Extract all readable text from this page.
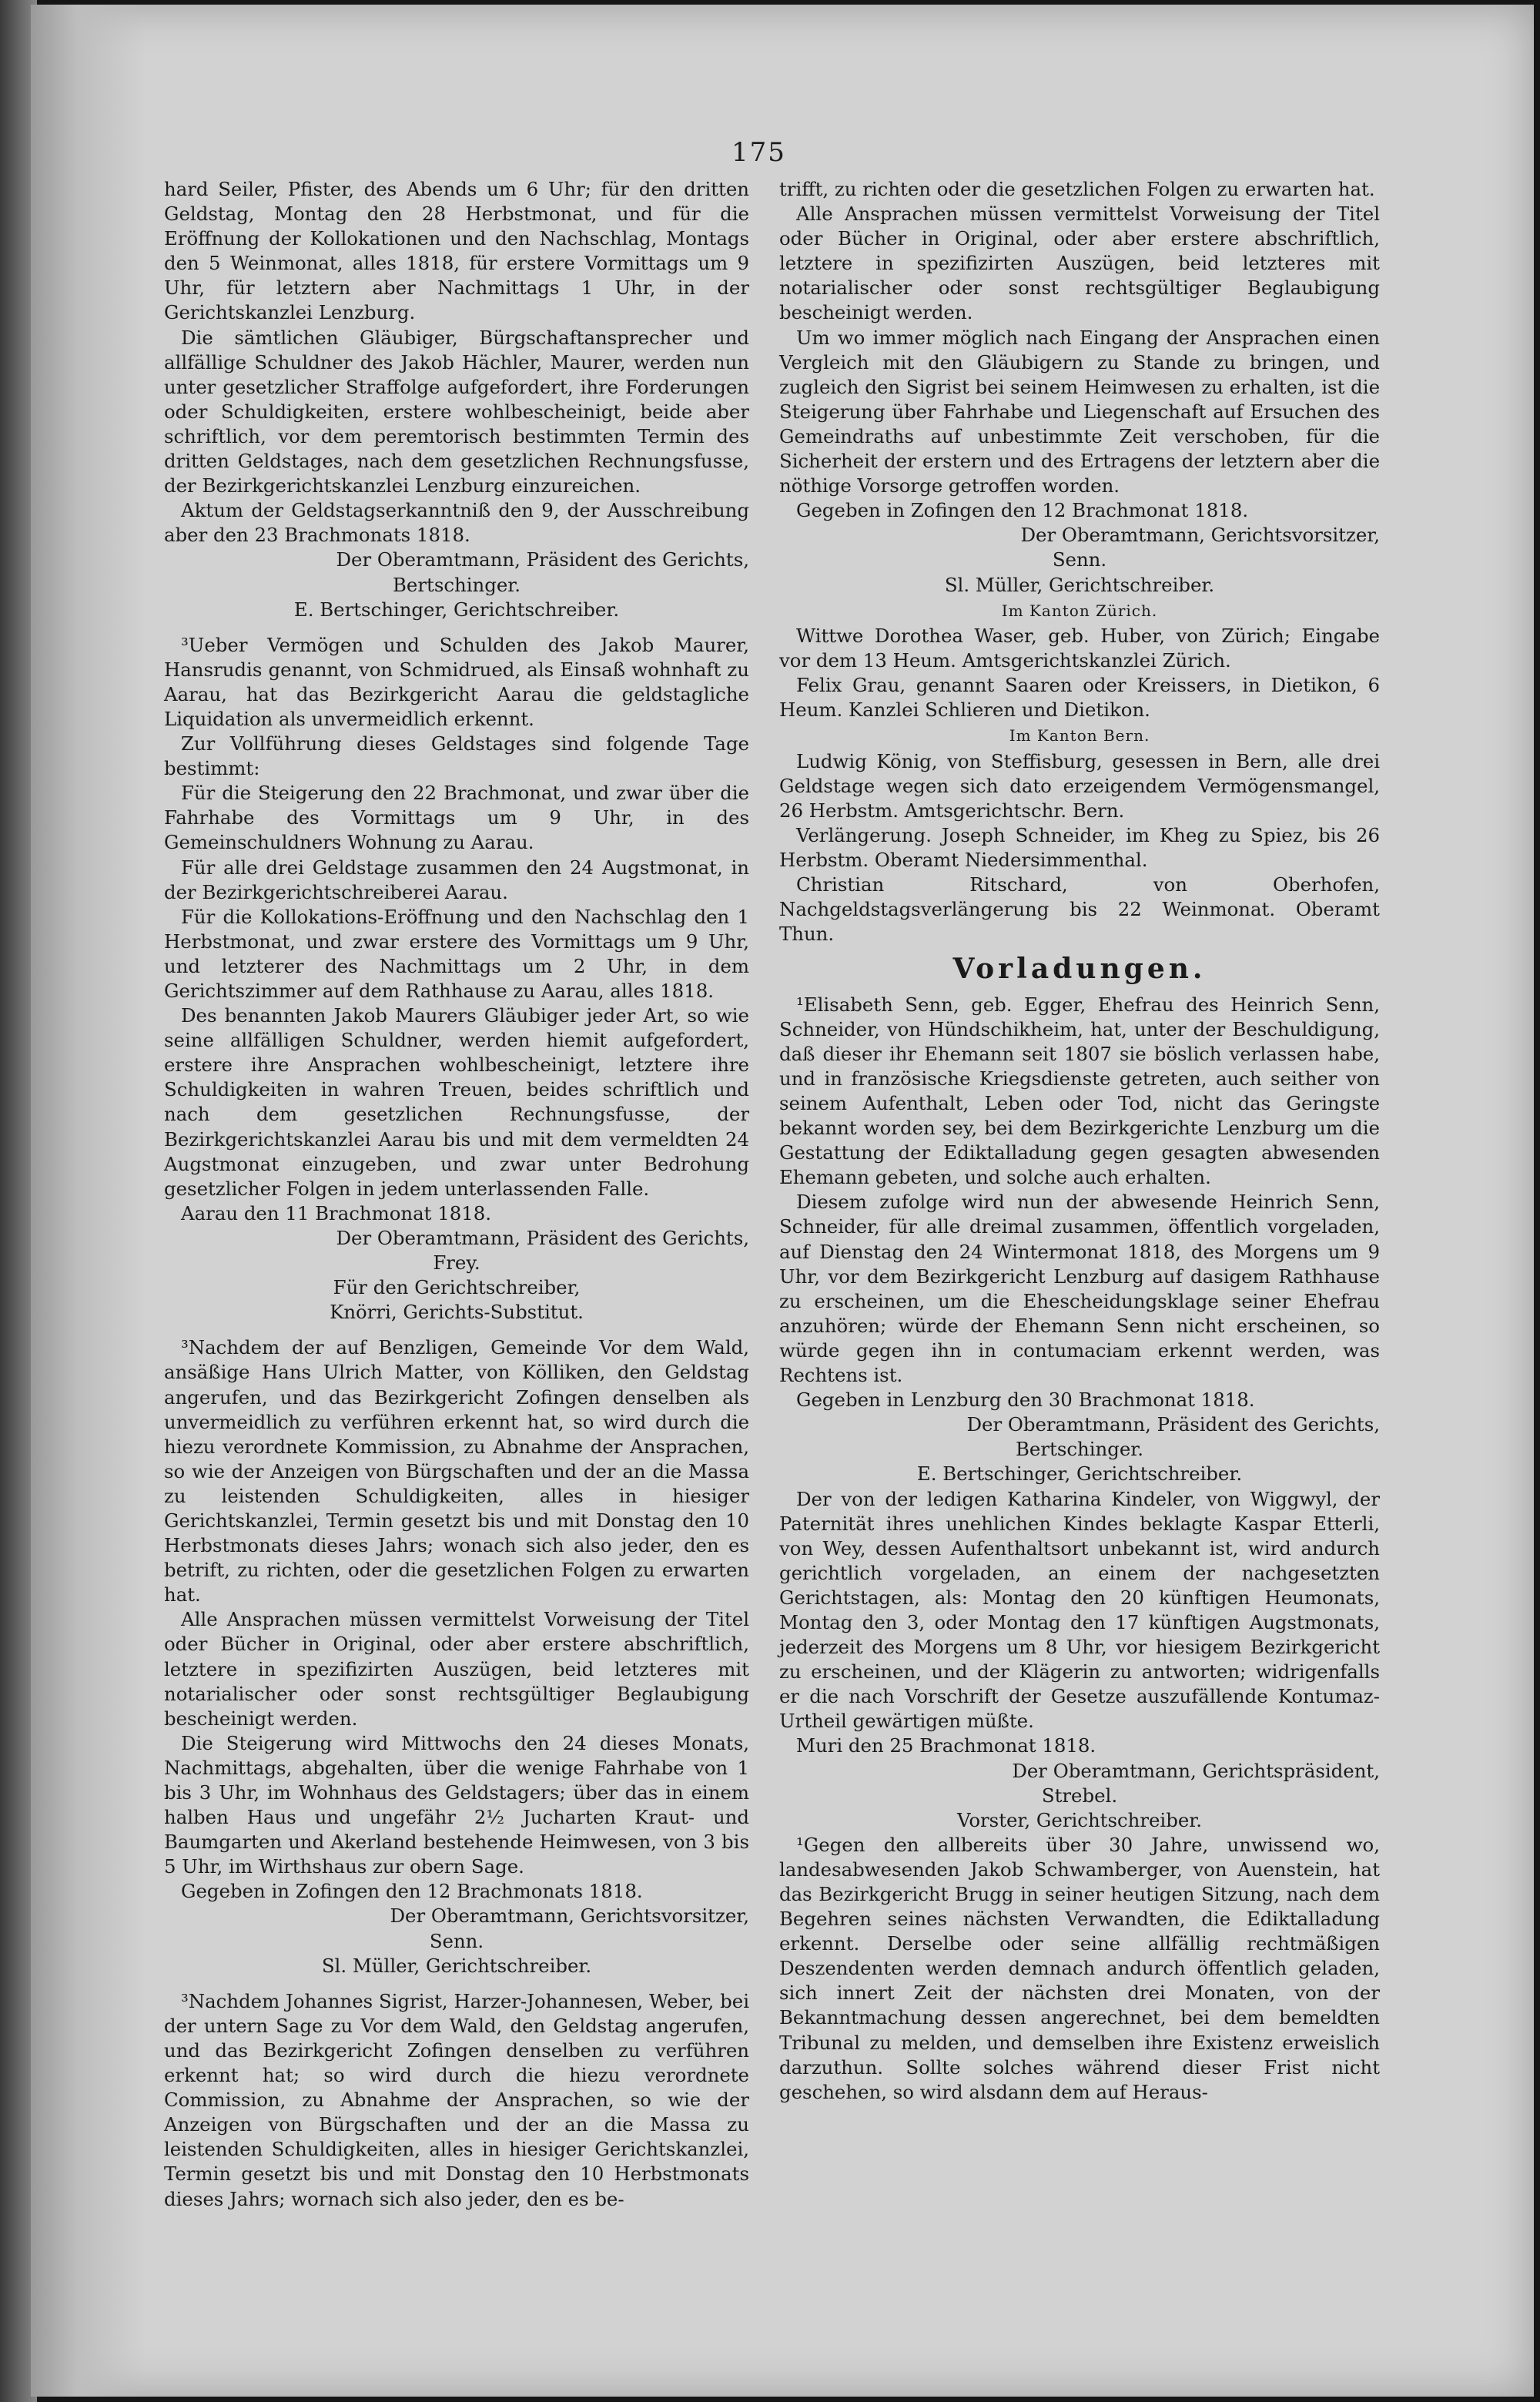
175

hard Seiler, Pfister, des Abends um 6 Uhr; für den dritten Geldstag, Montag den 28 Herbstmonat, und für die Eröffnung der Kollokationen und den Nachschlag, Montags den 5 Weinmonat, alles 1818, für erstere Vormittags um 9 Uhr, für letztern aber Nachmittags 1 Uhr, in der Gerichtskanzlei Lenzburg.

Die sämtlichen Gläubiger, Bürgschaftansprecher und allfällige Schuldner des Jakob Hächler, Maurer, werden nun unter gesetzlicher Straffolge aufgefordert, ihre Forderungen oder Schuldigkeiten, erstere wohlbescheinigt, beide aber schriftlich, vor dem peremtorisch bestimmten Termin des dritten Geldstages, nach dem gesetzlichen Rechnungsfusse, der Bezirkgerichtskanzlei Lenzburg einzureichen.

Aktum der Geldstagserkanntniß den 9, der Ausschreibung aber den 23 Brachmonats 1818.

Der Oberamtmann, Präsident des Gerichts,

Bertschinger.

E. Bertschinger, Gerichtschreiber.

³Ueber Vermögen und Schulden des Jakob Maurer, Hansrudis genannt, von Schmidrued, als Einsaß wohnhaft zu Aarau, hat das Bezirkgericht Aarau die geldstagliche Liquidation als unvermeidlich erkennt.

Zur Vollführung dieses Geldstages sind folgende Tage bestimmt:

Für die Steigerung den 22 Brachmonat, und zwar über die Fahrhabe des Vormittags um 9 Uhr, in des Gemeinschuldners Wohnung zu Aarau.

Für alle drei Geldstage zusammen den 24 Augstmonat, in der Bezirkgerichtschreiberei Aarau.

Für die Kollokations-Eröffnung und den Nachschlag den 1 Herbstmonat, und zwar erstere des Vormittags um 9 Uhr, und letzterer des Nachmittags um 2 Uhr, in dem Gerichtszimmer auf dem Rathhause zu Aarau, alles 1818.

Des benannten Jakob Maurers Gläubiger jeder Art, so wie seine allfälligen Schuldner, werden hiemit aufgefordert, erstere ihre Ansprachen wohlbescheinigt, letztere ihre Schuldigkeiten in wahren Treuen, beides schriftlich und nach dem gesetzlichen Rechnungsfusse, der Bezirkgerichtskanzlei Aarau bis und mit dem vermeldten 24 Augstmonat einzugeben, und zwar unter Bedrohung gesetzlicher Folgen in jedem unterlassenden Falle.

Aarau den 11 Brachmonat 1818.

Der Oberamtmann, Präsident des Gerichts,

Frey.

Für den Gerichtschreiber,

Knörri, Gerichts-Substitut.

³Nachdem der auf Benzligen, Gemeinde Vor dem Wald, ansäßige Hans Ulrich Matter, von Kölliken, den Geldstag angerufen, und das Bezirkgericht Zofingen denselben als unvermeidlich zu verführen erkennt hat, so wird durch die hiezu verordnete Kommission, zu Abnahme der Ansprachen, so wie der Anzeigen von Bürgschaften und der an die Massa zu leistenden Schuldigkeiten, alles in hiesiger Gerichtskanzlei, Termin gesetzt bis und mit Donstag den 10 Herbstmonats dieses Jahrs; wonach sich also jeder, den es betrift, zu richten, oder die gesetzlichen Folgen zu erwarten hat.

Alle Ansprachen müssen vermittelst Vorweisung der Titel oder Bücher in Original, oder aber erstere abschriftlich, letztere in spezifizirten Auszügen, beid letzteres mit notarialischer oder sonst rechtsgültiger Beglaubigung bescheinigt werden.

Die Steigerung wird Mittwochs den 24 dieses Monats, Nachmittags, abgehalten, über die wenige Fahrhabe von 1 bis 3 Uhr, im Wohnhaus des Geldstagers; über das in einem halben Haus und ungefähr 2½ Jucharten Kraut- und Baumgarten und Akerland bestehende Heimwesen, von 3 bis 5 Uhr, im Wirthshaus zur obern Sage.

Gegeben in Zofingen den 12 Brachmonats 1818.

Der Oberamtmann, Gerichtsvorsitzer,

Senn.

Sl. Müller, Gerichtschreiber.

³Nachdem Johannes Sigrist, Harzer-Johannesen, Weber, bei der untern Sage zu Vor dem Wald, den Geldstag angerufen, und das Bezirkgericht Zofingen denselben zu verführen erkennt hat; so wird durch die hiezu verordnete Commission, zu Abnahme der Ansprachen, so wie der Anzeigen von Bürgschaften und der an die Massa zu leistenden Schuldigkeiten, alles in hiesiger Gerichtskanzlei, Termin gesetzt bis und mit Donstag den 10 Herbstmonats dieses Jahrs; wornach sich also jeder, den es be-

trifft, zu richten oder die gesetzlichen Folgen zu erwarten hat.

Alle Ansprachen müssen vermittelst Vorweisung der Titel oder Bücher in Original, oder aber erstere abschriftlich, letztere in spezifizirten Auszügen, beid letzteres mit notarialischer oder sonst rechtsgültiger Beglaubigung bescheinigt werden.

Um wo immer möglich nach Eingang der Ansprachen einen Vergleich mit den Gläubigern zu Stande zu bringen, und zugleich den Sigrist bei seinem Heimwesen zu erhalten, ist die Steigerung über Fahrhabe und Liegenschaft auf Ersuchen des Gemeindraths auf unbestimmte Zeit verschoben, für die Sicherheit der erstern und des Ertragens der letztern aber die nöthige Vorsorge getroffen worden.

Gegeben in Zofingen den 12 Brachmonat 1818.

Der Oberamtmann, Gerichtsvorsitzer,

Senn.

Sl. Müller, Gerichtschreiber.

Im Kanton Zürich.

Wittwe Dorothea Waser, geb. Huber, von Zürich; Eingabe vor dem 13 Heum. Amtsgerichtskanzlei Zürich.

Felix Grau, genannt Saaren oder Kreissers, in Dietikon, 6 Heum. Kanzlei Schlieren und Dietikon.

Im Kanton Bern.

Ludwig König, von Steffisburg, gesessen in Bern, alle drei Geldstage wegen sich dato erzeigendem Vermögensmangel, 26 Herbstm. Amtsgerichtschr. Bern.

Verlängerung. Joseph Schneider, im Kheg zu Spiez, bis 26 Herbstm. Oberamt Niedersimmenthal.

Christian Ritschard, von Oberhofen, Nachgeldstagsverlängerung bis 22 Weinmonat. Oberamt Thun.

Vorladungen.

¹Elisabeth Senn, geb. Egger, Ehefrau des Heinrich Senn, Schneider, von Hündschikheim, hat, unter der Beschuldigung, daß dieser ihr Ehemann seit 1807 sie böslich verlassen habe, und in französische Kriegsdienste getreten, auch seither von seinem Aufenthalt, Leben oder Tod, nicht das Geringste bekannt worden sey, bei dem Bezirkgerichte Lenzburg um die Gestattung der Ediktalladung gegen gesagten abwesenden Ehemann gebeten, und solche auch erhalten.

Diesem zufolge wird nun der abwesende Heinrich Senn, Schneider, für alle dreimal zusammen, öffentlich vorgeladen, auf Dienstag den 24 Wintermonat 1818, des Morgens um 9 Uhr, vor dem Bezirkgericht Lenzburg auf dasigem Rathhause zu erscheinen, um die Ehescheidungsklage seiner Ehefrau anzuhören; würde der Ehemann Senn nicht erscheinen, so würde gegen ihn in contumaciam erkennt werden, was Rechtens ist.

Gegeben in Lenzburg den 30 Brachmonat 1818.

Der Oberamtmann, Präsident des Gerichts,

Bertschinger.

E. Bertschinger, Gerichtschreiber.

Der von der ledigen Katharina Kindeler, von Wiggwyl, der Paternität ihres unehlichen Kindes beklagte Kaspar Etterli, von Wey, dessen Aufenthaltsort unbekannt ist, wird andurch gerichtlich vorgeladen, an einem der nachgesetzten Gerichtstagen, als: Montag den 20 künftigen Heumonats, Montag den 3, oder Montag den 17 künftigen Augstmonats, jederzeit des Morgens um 8 Uhr, vor hiesigem Bezirkgericht zu erscheinen, und der Klägerin zu antworten; widrigenfalls er die nach Vorschrift der Gesetze auszufällende Kontumaz-Urtheil gewärtigen müßte.

Muri den 25 Brachmonat 1818.

Der Oberamtmann, Gerichtspräsident,

Strebel.

Vorster, Gerichtschreiber.

¹Gegen den allbereits über 30 Jahre, unwissend wo, landesabwesenden Jakob Schwamberger, von Auenstein, hat das Bezirkgericht Brugg in seiner heutigen Sitzung, nach dem Begehren seines nächsten Verwandten, die Ediktalladung erkennt. Derselbe oder seine allfällig rechtmäßigen Deszendenten werden demnach andurch öffentlich geladen, sich innert Zeit der nächsten drei Monaten, von der Bekanntmachung dessen angerechnet, bei dem bemeldten Tribunal zu melden, und demselben ihre Existenz erweislich darzuthun. Sollte solches während dieser Frist nicht geschehen, so wird alsdann dem auf Heraus-
